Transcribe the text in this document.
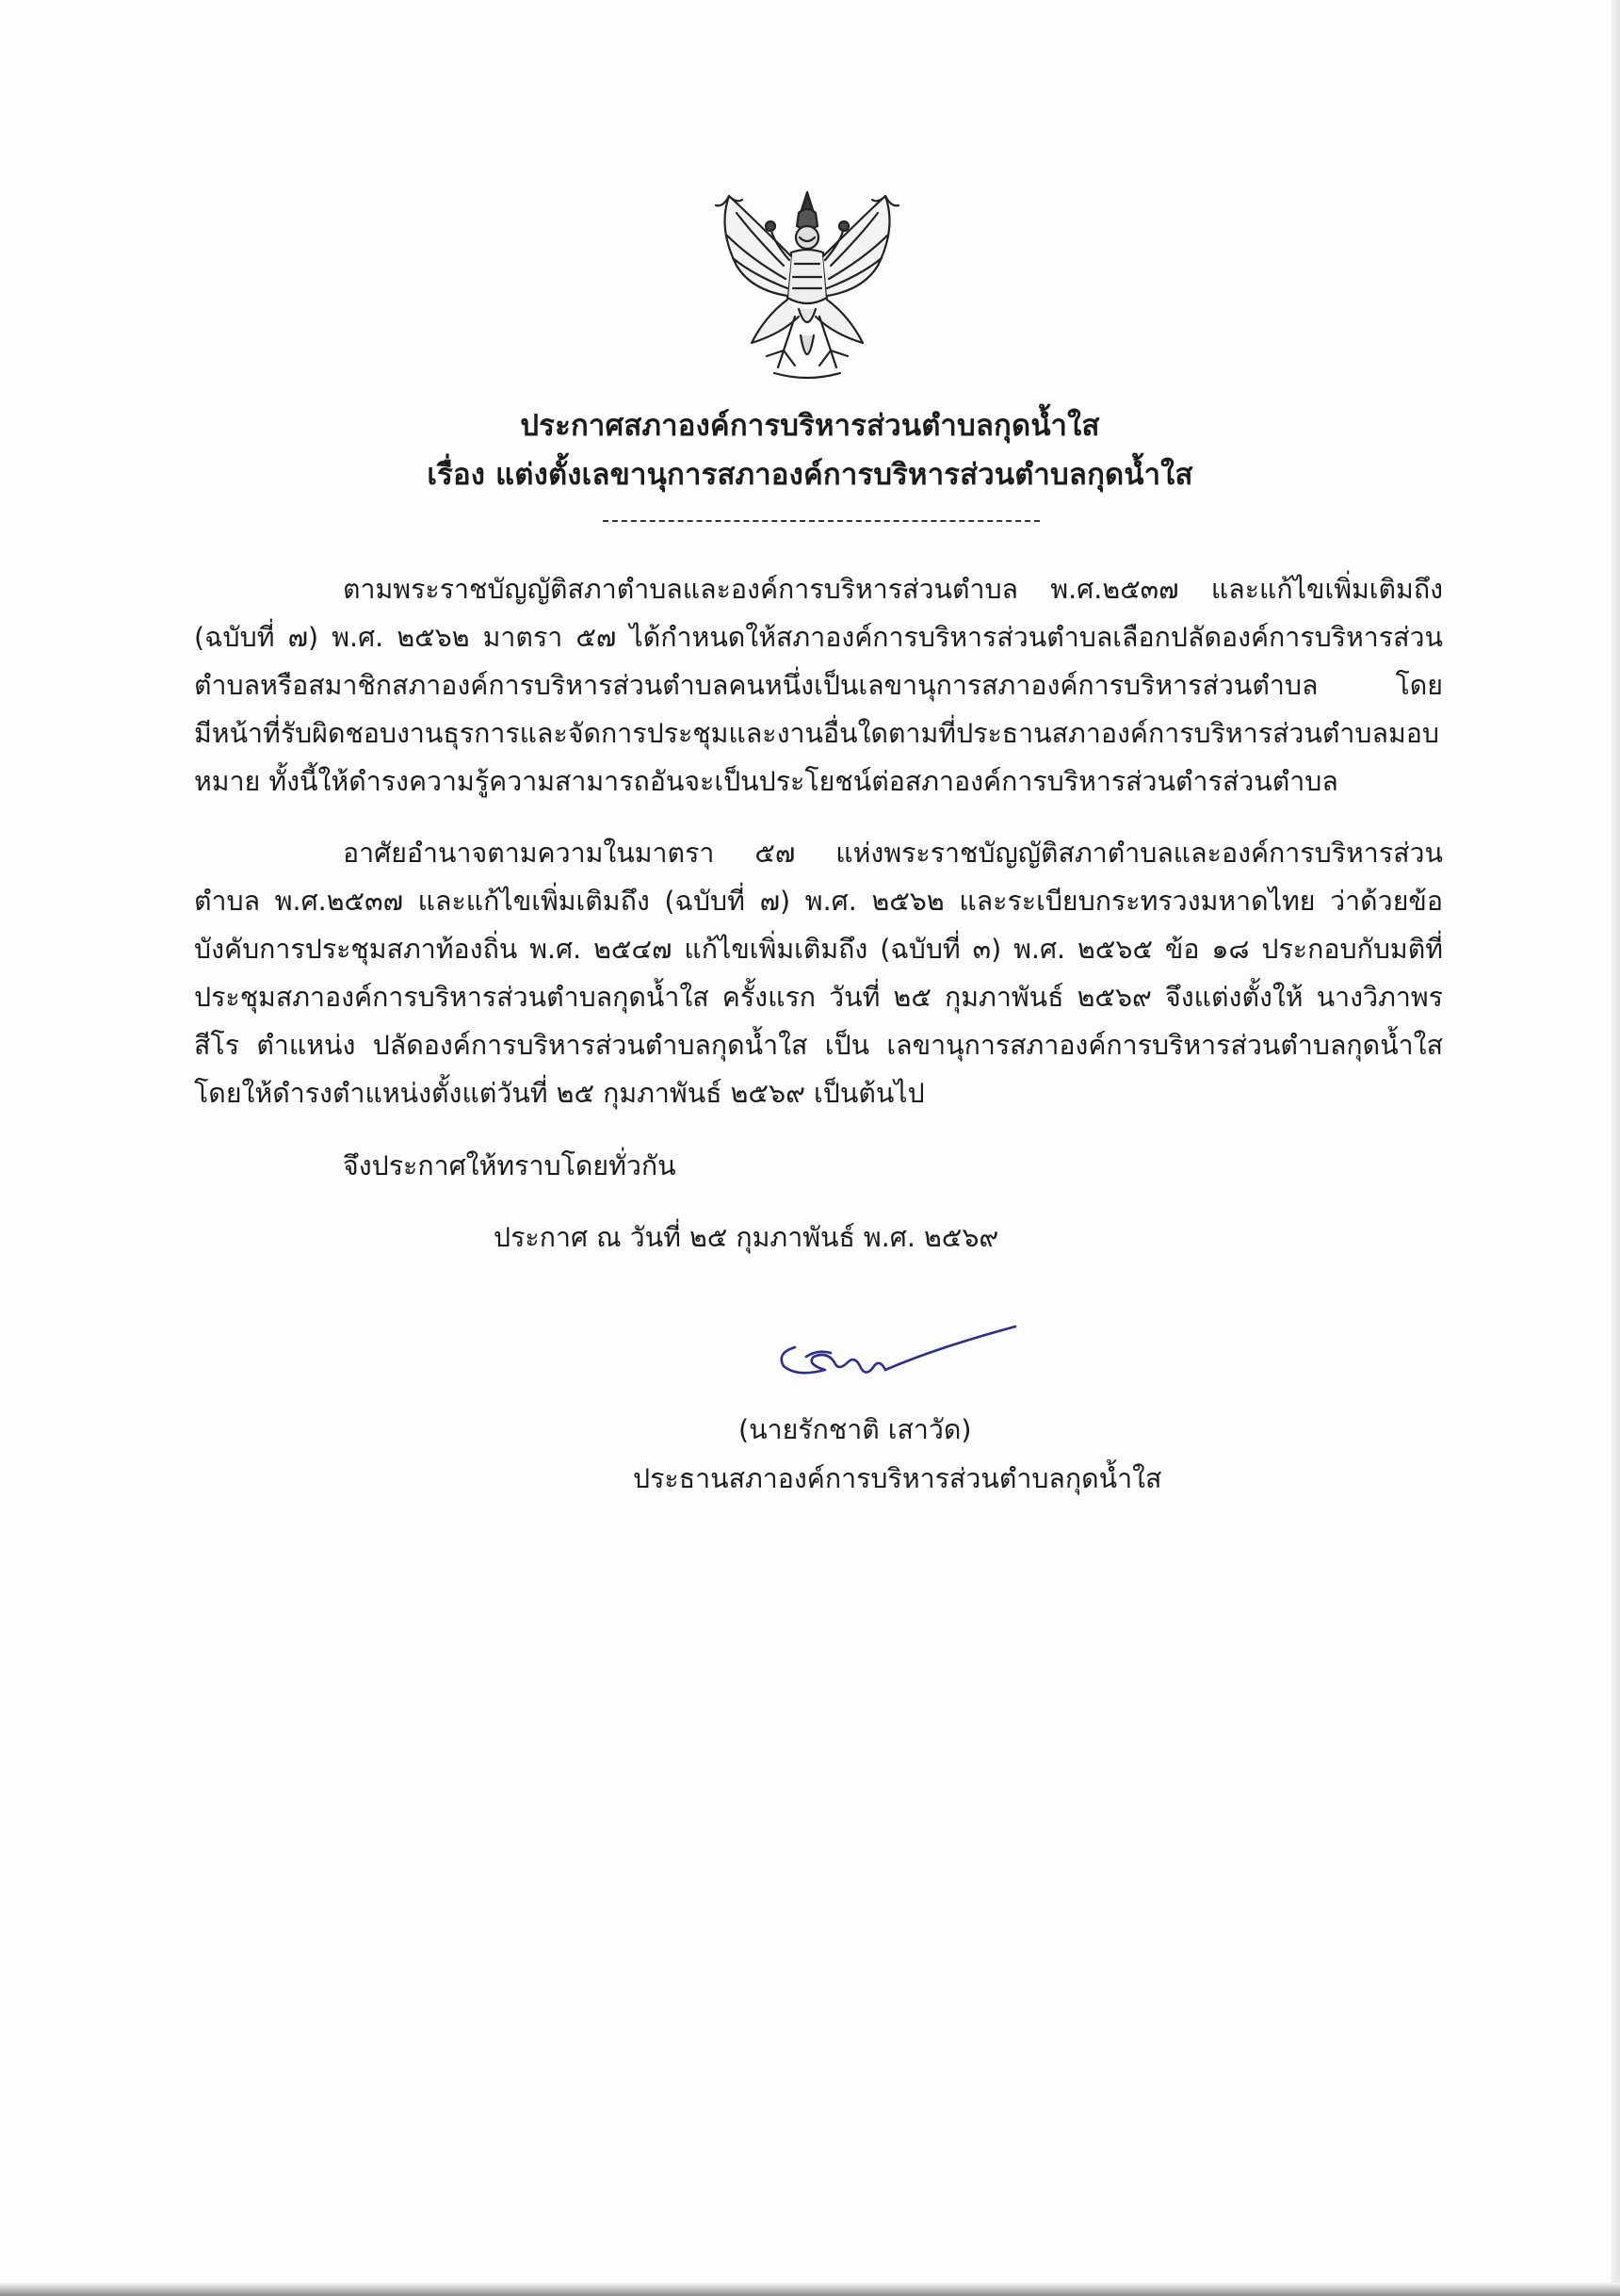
ประกาศสภาองค์การบริหารส่วนตำบลกุดน้ำใส
เรื่อง แต่งตั้งเลขานุการสภาองค์การบริหารส่วนตำบลกุดน้ำใส

ตามพระราชบัญญัติสภาตำบลและองค์การบริหารส่วนตำบล พ.ศ.๒๕๓๗ และแก้ไขเพิ่มเติมถึง (ฉบับที่ ๗) พ.ศ. ๒๕๖๒ มาตรา ๕๗ ได้กำหนดให้สภาองค์การบริหารส่วนตำบลเลือกปลัดองค์การบริหารส่วนตำบลหรือสมาชิกสภาองค์การบริหารส่วนตำบลคนหนึ่งเป็นเลขานุการสภาองค์การบริหารส่วนตำบล โดยมีหน้าที่รับผิดชอบงานธุรการและจัดการประชุมและงานอื่นใดตามที่ประธานสภาองค์การบริหารส่วนตำบลมอบหมาย ทั้งนี้ให้ดำรงความรู้ความสามารถอันจะเป็นประโยชน์ต่อสภาองค์การบริหารส่วนตำรส่วนตำบล

อาศัยอำนาจตามความในมาตรา ๕๗ แห่งพระราชบัญญัติสภาตำบลและองค์การบริหารส่วนตำบล พ.ศ.๒๕๓๗ และแก้ไขเพิ่มเติมถึง (ฉบับที่ ๗) พ.ศ. ๒๕๖๒ และระเบียบกระทรวงมหาดไทย ว่าด้วยข้อบังคับการประชุมสภาท้องถิ่น พ.ศ. ๒๕๔๗ แก้ไขเพิ่มเติมถึง (ฉบับที่ ๓) พ.ศ. ๒๕๖๕ ข้อ ๑๘ ประกอบกับมติที่ประชุมสภาองค์การบริหารส่วนตำบลกุดน้ำใส ครั้งแรก วันที่ ๒๕ กุมภาพันธ์ ๒๕๖๙ จึงแต่งตั้งให้ นางวิภาพร สีโร ตำแหน่ง ปลัดองค์การบริหารส่วนตำบลกุดน้ำใส เป็น เลขานุการสภาองค์การบริหารส่วนตำบลกุดน้ำใส โดยให้ดำรงตำแหน่งตั้งแต่วันที่ ๒๕ กุมภาพันธ์ ๒๕๖๙ เป็นต้นไป

จึงประกาศให้ทราบโดยทั่วกัน
ประกาศ ณ วันที่ ๒๕ กุมภาพันธ์ พ.ศ. ๒๕๖๙
(นายรักชาติ เสาวัด)
ประธานสภาองค์การบริหารส่วนตำบลกุดน้ำใส
